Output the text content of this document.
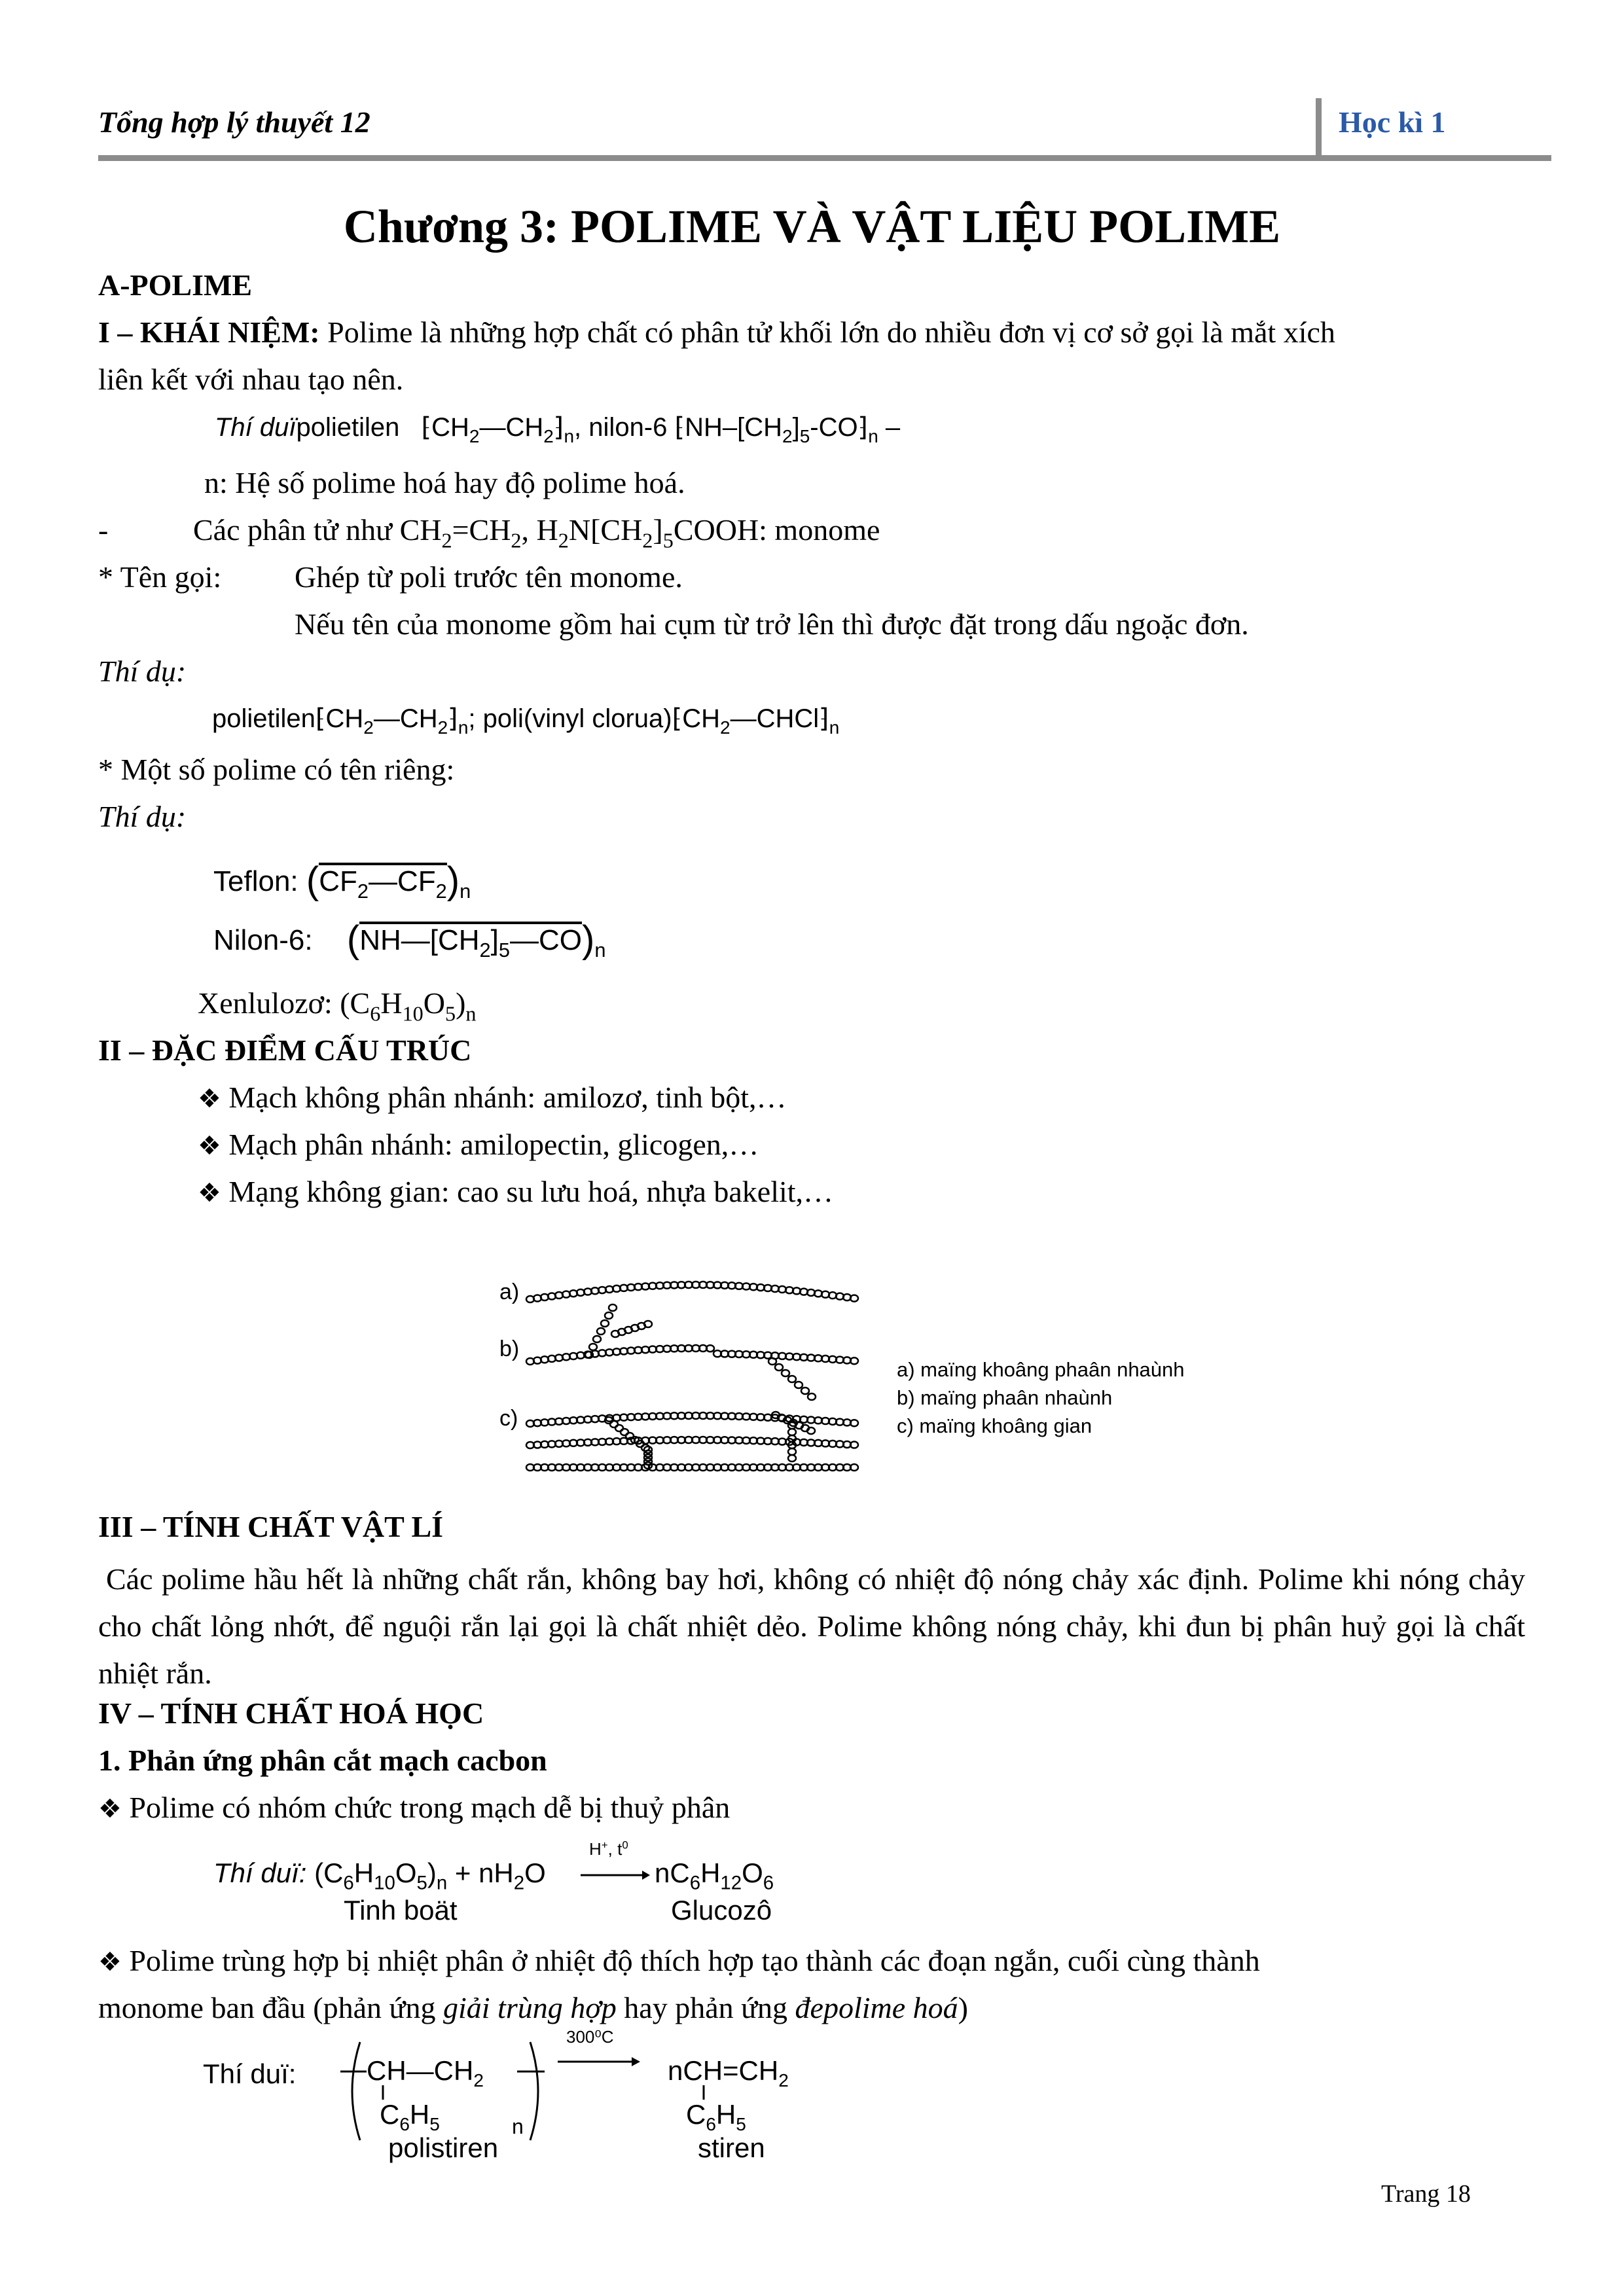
Tổng hợp lý thuyết 12	Học kì 1
Chương 3: POLIME VÀ VẬT LIỆU POLIME
A-POLIME
I – KHÁI NIỆM: Polime là những hợp chất có phân tử khối lớn do nhiều đơn vị cơ sở gọi là mắt xích
liên kết với nhau tạo nên.
Thí duïpolietilen $⁅CH_2—CH_2⁆_n$, nilon-6 $⁅NH-[CH_2]_5-CO⁆_n$ –
n: Hệ số polime hoá hay độ polime hoá.
-	Các phân tử như $CH_2=CH_2$, $H_2N[CH_2]_5COOH$: monome
* Tên gọi: Ghép từ poli trước tên monome.
Nếu tên của monome gồm hai cụm từ trở lên thì được đặt trong dấu ngoặc đơn.
Thí dụ:
$polietilen⁅CH_2—CH_2⁆_n$; poli(vinyl $clorua)⁅CH_2—CHCl⁆_n$
* Một số polime có tên riêng:
Thí dụ:
Teflon: $(CF_2—CF_2)_n$
Nilon-6: $(NH—[CH_2]_5—CO)_n$
Xenlulozơ: $(C_6H_{10}O_5)_n$
II – ĐẶC ĐIỂM CẤU TRÚC
❖ Mạch không phân nhánh: amilozơ, tinh bột,…
❖ Mạch phân nhánh: amilopectin, glicogen,…
❖ Mạng không gian: cao su lưu hoá, nhựa bakelit,…
a)
b)
c)
a) maïng khoâng phaân nhaùnh
b) maïng phaân nhaùnh
c) maïng khoâng gian
III – TÍNH CHẤT VẬT LÍ
Các polime hầu hết là những chất rắn, không bay hơi, không có nhiệt độ nóng chảy xác định. Polime khi nóng chảy cho chất lỏng nhớt, để nguội rắn lại gọi là chất nhiệt dẻo. Polime không nóng chảy, khi đun bị phân huỷ gọi là chất nhiệt rắn.
IV – TÍNH CHẤT HOÁ HỌC
1. Phản ứng phân cắt mạch cacbon
❖ Polime có nhóm chức trong mạch dễ bị thuỷ phân
Thí duï: $(C_6H_{10}O_5)_n + nH_2O$
H+, $t^0$
$nC_6H_{12}O_6$
Tinh boät	Glucozô
❖ Polime trùng hợp bị nhiệt phân ở nhiệt độ thích hợp tạo thành các đoạn ngắn, cuối cùng thành
monome ban đầu (phản ứng giải trùng hợp hay phản ứng đepolime hoá)
Thí duï:	$CH—CH_2$
$C_6H_5$	n
300⁰C
$nCH=CH_2$
$C_6H_5$
polistiren	stiren
Trang 18
